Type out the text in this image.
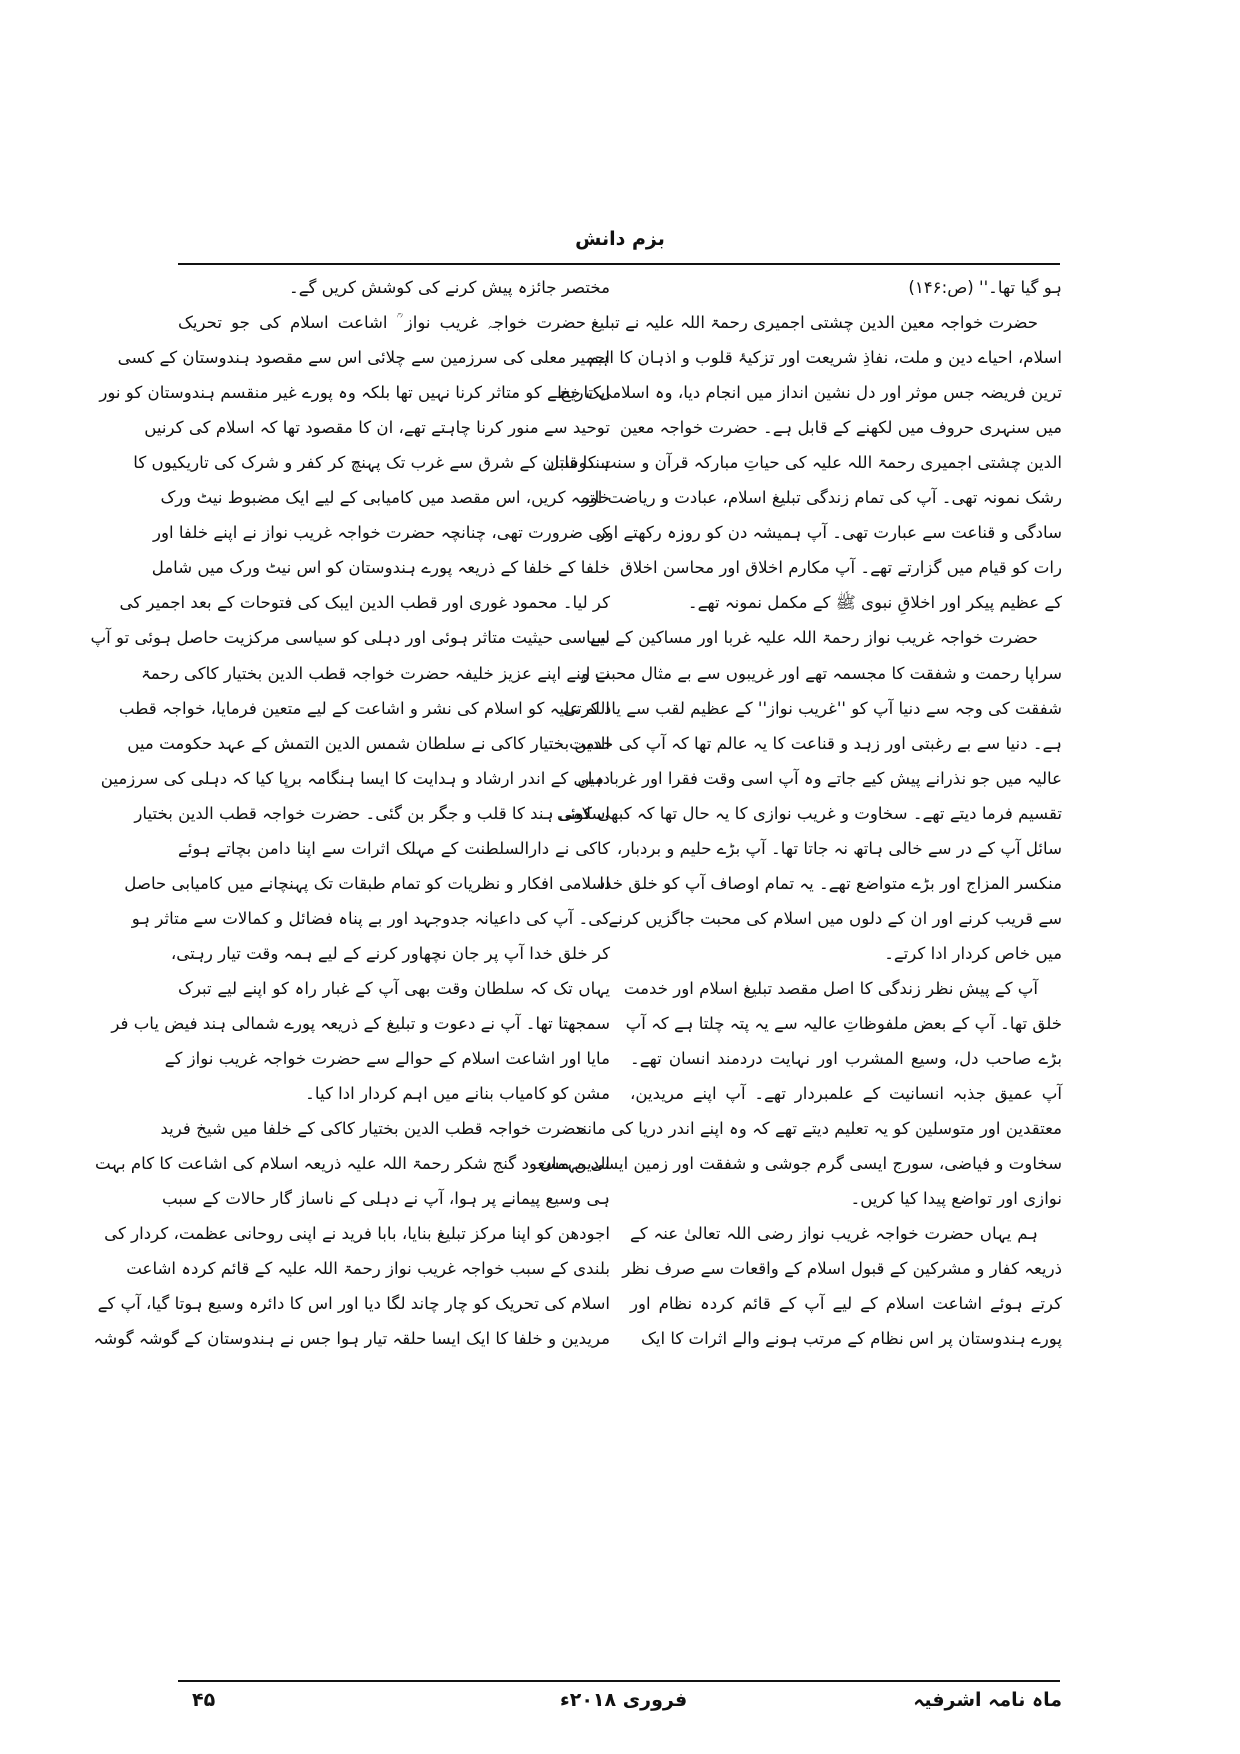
بزم دانش
ہو گیا تھا۔'' (ص:۱۴۶)
حضرت خواجہ معین الدین چشتی اجمیری رحمۃ اللہ علیہ نے تبلیغ
اسلام، احیاے دین و ملت، نفاذِ شریعت اور تزکیۂ قلوب و اذہان کا اہم
ترین فریضہ جس موثر اور دل نشین انداز میں انجام دیا، وہ اسلامی تاریخ
میں سنہری حروف میں لکھنے کے قابل ہے۔ حضرت خواجہ معین
الدین چشتی اجمیری رحمۃ اللہ علیہ کی حیاتِ مبارکہ قرآن و سنت کا قابل
رشک نمونہ تھی۔ آپ کی تمام زندگی تبلیغ اسلام، عبادت و ریاضت اور
سادگی و قناعت سے عبارت تھی۔ آپ ہمیشہ دن کو روزہ رکھتے اور
رات کو قیام میں گزارتے تھے۔ آپ مکارم اخلاق اور محاسن اخلاق
کے عظیم پیکر اور اخلاقِ نبوی ﷺ کے مکمل نمونہ تھے۔
حضرت خواجہ غریب نواز رحمۃ اللہ علیہ غربا اور مساکین کے لیے
سراپا رحمت و شفقت کا مجسمہ تھے اور غریبوں سے بے مثال محبت و
شفقت کی وجہ سے دنیا آپ کو ''غریب نواز'' کے عظیم لقب سے یاد کرتی
ہے۔ دنیا سے بے رغبتی اور زہد و قناعت کا یہ عالم تھا کہ آپ کی خدمت
عالیہ میں جو نذرانے پیش کیے جاتے وہ آپ اسی وقت فقرا اور غربا میں
تقسیم فرما دیتے تھے۔ سخاوت و غریب نوازی کا یہ حال تھا کہ کبھی کوئی
سائل آپ کے در سے خالی ہاتھ نہ جاتا تھا۔ آپ بڑے حلیم و بردبار،
منکسر المزاج اور بڑے متواضع تھے۔ یہ تمام اوصاف آپ کو خلق خدا
سے قریب کرنے اور ان کے دلوں میں اسلام کی محبت جاگزیں کرنے
میں خاص کردار ادا کرتے۔
آپ کے پیش نظر زندگی کا اصل مقصد تبلیغ اسلام اور خدمت
خلق تھا۔ آپ کے بعض ملفوظاتِ عالیہ سے یہ پتہ چلتا ہے کہ آپ
بڑے صاحب دل، وسیع المشرب اور نہایت دردمند انسان تھے۔
آپ عمیق جذبہ انسانیت کے علمبردار تھے۔ آپ اپنے مریدین،
معتقدین اور متوسلین کو یہ تعلیم دیتے تھے کہ وہ اپنے اندر دریا کی مانند
سخاوت و فیاضی، سورج ایسی گرم جوشی و شفقت اور زمین ایسی مہمان
نوازی اور تواضع پیدا کیا کریں۔
ہم یہاں حضرت خواجہ غریب نواز رضی اللہ تعالیٰ عنہ کے
ذریعہ کفار و مشرکین کے قبول اسلام کے واقعات سے صرف نظر
کرتے ہوئے اشاعت اسلام کے لیے آپ کے قائم کردہ نظام اور
پورے ہندوستان پر اس نظام کے مرتب ہونے والے اثرات کا ایک
مختصر جائزہ پیش کرنے کی کوشش کریں گے۔
حضرت خواجہ غریب نواز ؒ اشاعت اسلام کی جو تحریک
اجمیر معلی کی سرزمین سے چلائی اس سے مقصود ہندوستان کے کسی
ایک خطے کو متاثر کرنا نہیں تھا بلکہ وہ پورے غیر منقسم ہندوستان کو نور
توحید سے منور کرنا چاہتے تھے، ان کا مقصود تھا کہ اسلام کی کرنیں
ہندوستان کے شرق سے غرب تک پہنچ کر کفر و شرک کی تاریکیوں کا
خاتمہ کریں، اس مقصد میں کامیابی کے لیے ایک مضبوط نیٹ ورک
کی ضرورت تھی، چنانچہ حضرت خواجہ غریب نواز نے اپنے خلفا اور
خلفا کے خلفا کے ذریعہ پورے ہندوستان کو اس نیٹ ورک میں شامل
کر لیا۔ محمود غوری اور قطب الدین ایبک کی فتوحات کے بعد اجمیر کی
سیاسی حیثیت متاثر ہوئی اور دہلی کو سیاسی مرکزیت حاصل ہوئی تو آپ
نے اپنے اپنے عزیز خلیفہ حضرت خواجہ قطب الدین بختیار کاکی رحمۃ
اللہ علیہ کو اسلام کی نشر و اشاعت کے لیے متعین فرمایا، خواجہ قطب
الدین بختیار کاکی نے سلطان شمس الدین التمش کے عہد حکومت میں
دہلی کے اندر ارشاد و ہدایت کا ایسا ہنگامہ برپا کیا کہ دہلی کی سرزمین
اسلامی ہند کا قلب و جگر بن گئی۔ حضرت خواجہ قطب الدین بختیار
کاکی نے دارالسلطنت کے مہلک اثرات سے اپنا دامن بچاتے ہوئے
اسلامی افکار و نظریات کو تمام طبقات تک پہنچانے میں کامیابی حاصل
کی۔ آپ کی داعیانہ جدوجہد اور بے پناہ فضائل و کمالات سے متاثر ہو
کر خلق خدا آپ پر جان نچھاور کرنے کے لیے ہمہ وقت تیار رہتی،
یہاں تک کہ سلطان وقت بھی آپ کے غبار راہ کو اپنے لیے تبرک
سمجھتا تھا۔ آپ نے دعوت و تبلیغ کے ذریعہ پورے شمالی ہند فیض یاب فر
مایا اور اشاعت اسلام کے حوالے سے حضرت خواجہ غریب نواز کے
مشن کو کامیاب بنانے میں اہم کردار ادا کیا۔
حضرت خواجہ قطب الدین بختیار کاکی کے خلفا میں شیخ فرید
الدین مسعود گنج شکر رحمۃ اللہ علیہ ذریعہ اسلام کی اشاعت کا کام بہت
ہی وسیع پیمانے پر ہوا، آپ نے دہلی کے ناساز گار حالات کے سبب
اجودھن کو اپنا مرکز تبلیغ بنایا، بابا فرید نے اپنی روحانی عظمت، کردار کی
بلندی کے سبب خواجہ غریب نواز رحمۃ اللہ علیہ کے قائم کردہ اشاعت
اسلام کی تحریک کو چار چاند لگا دیا اور اس کا دائرہ وسیع ہوتا گیا، آپ کے
مریدین و خلفا کا ایک ایسا حلقہ تیار ہوا جس نے ہندوستان کے گوشہ گوشہ
ماہ نامہ اشرفیہ
فروری ۲۰۱۸ء
۴۵
